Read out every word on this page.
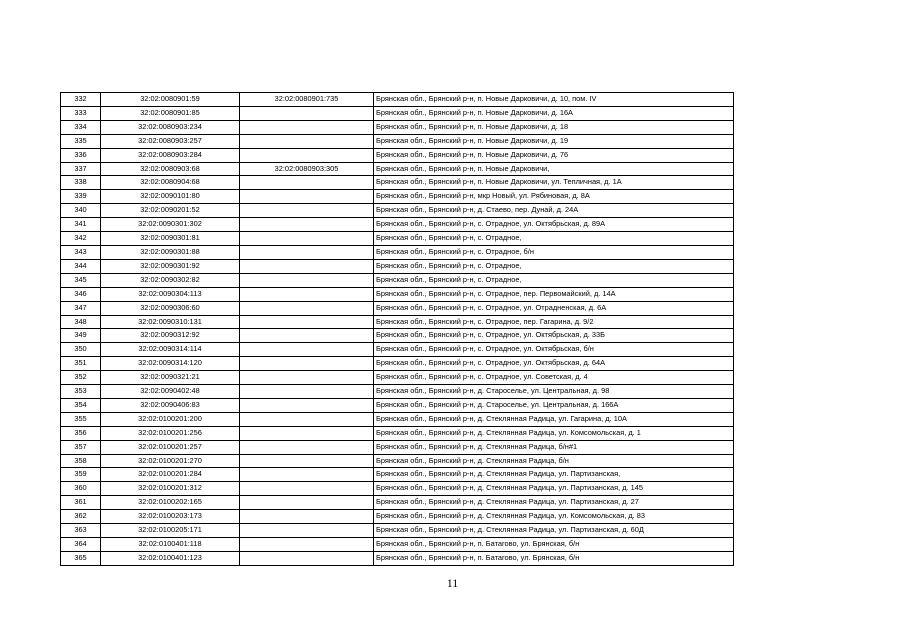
332	32:02:0080901:59	32:02:0080901:735	Брянская обл., Брянский р-н, п. Новые Дарковичи, д. 10, пом. IV
333	32:02:0080901:85		Брянская обл., Брянский р-н, п. Новые Дарковичи, д. 16А
334	32:02:0080903:234		Брянская обл., Брянский р-н, п. Новые Дарковичи, д. 18
335	32:02:0080903:257		Брянская обл., Брянский р-н, п. Новые Дарковичи, д. 19
336	32:02:0080903:284		Брянская обл., Брянский р-н, п. Новые Дарковичи, д. 76
337	32:02:0080903:68	32:02:0080903:305	Брянская обл., Брянский р-н, п. Новые Дарковичи,
338	32:02:0080904:68		Брянская обл., Брянский р-н, п. Новые Дарковичи, ул. Тепличная, д. 1А
339	32:02:0090101:80		Брянская обл., Брянский р-н, мкр Новый, ул. Рябиновая, д. 8А
340	32:02:0090201:52		Брянская обл., Брянский р-н, д. Стаево, пер. Дунай, д. 24А
341	32:02:0090301:302		Брянская обл., Брянский р-н, с. Отрадное, ул. Октябрьская, д. 89А
342	32:02:0090301:81		Брянская обл., Брянский р-н, с. Отрадное,
343	32:02:0090301:88		Брянская обл., Брянский р-н, с. Отрадное, б/н
344	32:02:0090301:92		Брянская обл., Брянский р-н, с. Отрадное,
345	32:02:0090302:82		Брянская обл., Брянский р-н, с. Отрадное,
346	32:02:0090304:113		Брянская обл., Брянский р-н, с. Отрадное, пер. Первомайский, д. 14А
347	32:02:0090306:60		Брянская обл., Брянский р-н, с. Отрадное, ул. Отрадненская, д. 6А
348	32:02:0090310:131		Брянская обл., Брянский р-н, с. Отрадное, пер. Гагарина, д. 9/2
349	32:02:0090312:92		Брянская обл., Брянский р-н, с. Отрадное, ул. Октябрьская, д. 33Б
350	32:02:0090314:114		Брянская обл., Брянский р-н, с. Отрадное, ул. Октябрьская, б/н
351	32:02:0090314:120		Брянская обл., Брянский р-н, с. Отрадное, ул. Октябрьская, д. 64А
352	32:02:0090321:21		Брянская обл., Брянский р-н, с. Отрадное, ул. Советская, д. 4
353	32:02:0090402:48		Брянская обл., Брянский р-н, д. Староселье, ул. Центральная, д. 98
354	32:02:0090406:83		Брянская обл., Брянский р-н, д. Староселье, ул. Центральная, д. 166А
355	32:02:0100201:200		Брянская обл., Брянский р-н, д. Стеклянная Радица, ул. Гагарина, д. 10А
356	32:02:0100201:256		Брянская обл., Брянский р-н, д. Стеклянная Радица, ул. Комсомольская, д. 1
357	32:02:0100201:257		Брянская обл., Брянский р-н, д. Стеклянная Радица, б/н#1
358	32:02:0100201:270		Брянская обл., Брянский р-н, д. Стеклянная Радица, б/н
359	32:02:0100201:284		Брянская обл., Брянский р-н, д. Стеклянная Радица, ул. Партизанская,
360	32:02:0100201:312		Брянская обл., Брянский р-н, д. Стеклянная Радица, ул. Партизанская, д. 145
361	32:02:0100202:165		Брянская обл., Брянский р-н, д. Стеклянная Радица, ул. Партизанская, д. 27
362	32:02:0100203:173		Брянская обл., Брянский р-н, д. Стеклянная Радица, ул. Комсомольская, д. 83
363	32:02:0100205:171		Брянская обл., Брянский р-н, д. Стеклянная Радица, ул. Партизанская, д. 60Д
364	32:02:0100401:118		Брянская обл., Брянский р-н, п. Батагово, ул. Брянская, б/н
365	32:02:0100401:123		Брянская обл., Брянский р-н, п. Батагово, ул. Брянская, б/н
11
